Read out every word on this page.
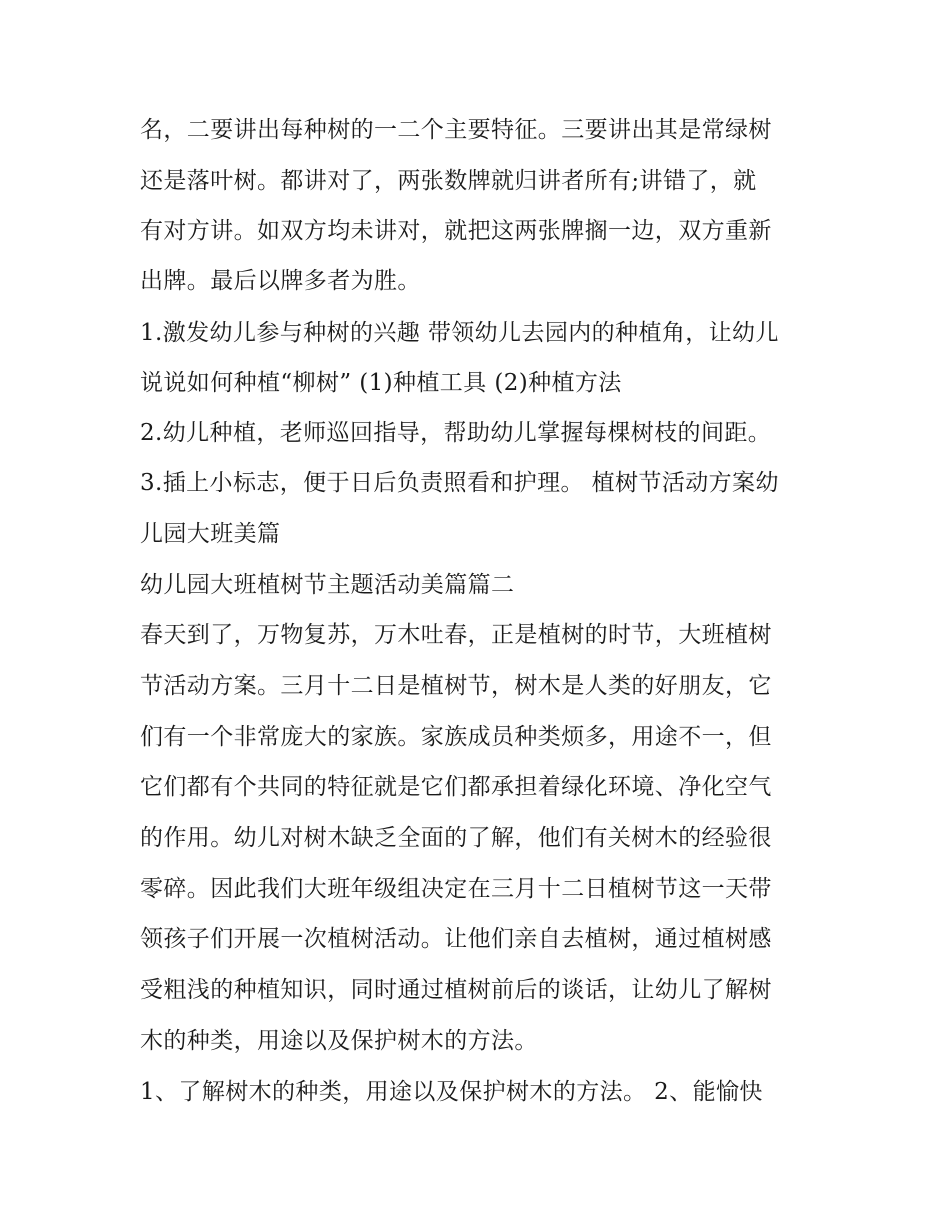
名，二要讲出每种树的一二个主要特征。三要讲出其是常绿树

还是落叶树。都讲对了，两张数牌就归讲者所有;讲错了，就

有对方讲。如双方均未讲对，就把这两张牌搁一边，双方重新

出牌。最后以牌多者为胜。

1.激发幼儿参与种树的兴趣 带领幼儿去园内的种植角，让幼儿

说说如何种植“柳树” (1)种植工具 (2)种植方法

2.幼儿种植，老师巡回指导，帮助幼儿掌握每棵树枝的间距。

3.插上小标志，便于日后负责照看和护理。 植树节活动方案幼

儿园大班美篇

幼儿园大班植树节主题活动美篇篇二

春天到了，万物复苏，万木吐春，正是植树的时节，大班植树

节活动方案。三月十二日是植树节，树木是人类的好朋友，它

们有一个非常庞大的家族。家族成员种类烦多，用途不一，但

它们都有个共同的特征就是它们都承担着绿化环境、净化空气

的作用。幼儿对树木缺乏全面的了解，他们有关树木的经验很

零碎。因此我们大班年级组决定在三月十二日植树节这一天带

领孩子们开展一次植树活动。让他们亲自去植树，通过植树感

受粗浅的种植知识，同时通过植树前后的谈话，让幼儿了解树

木的种类，用途以及保护树木的方法。

1、了解树木的种类，用途以及保护树木的方法。 2、能愉快
